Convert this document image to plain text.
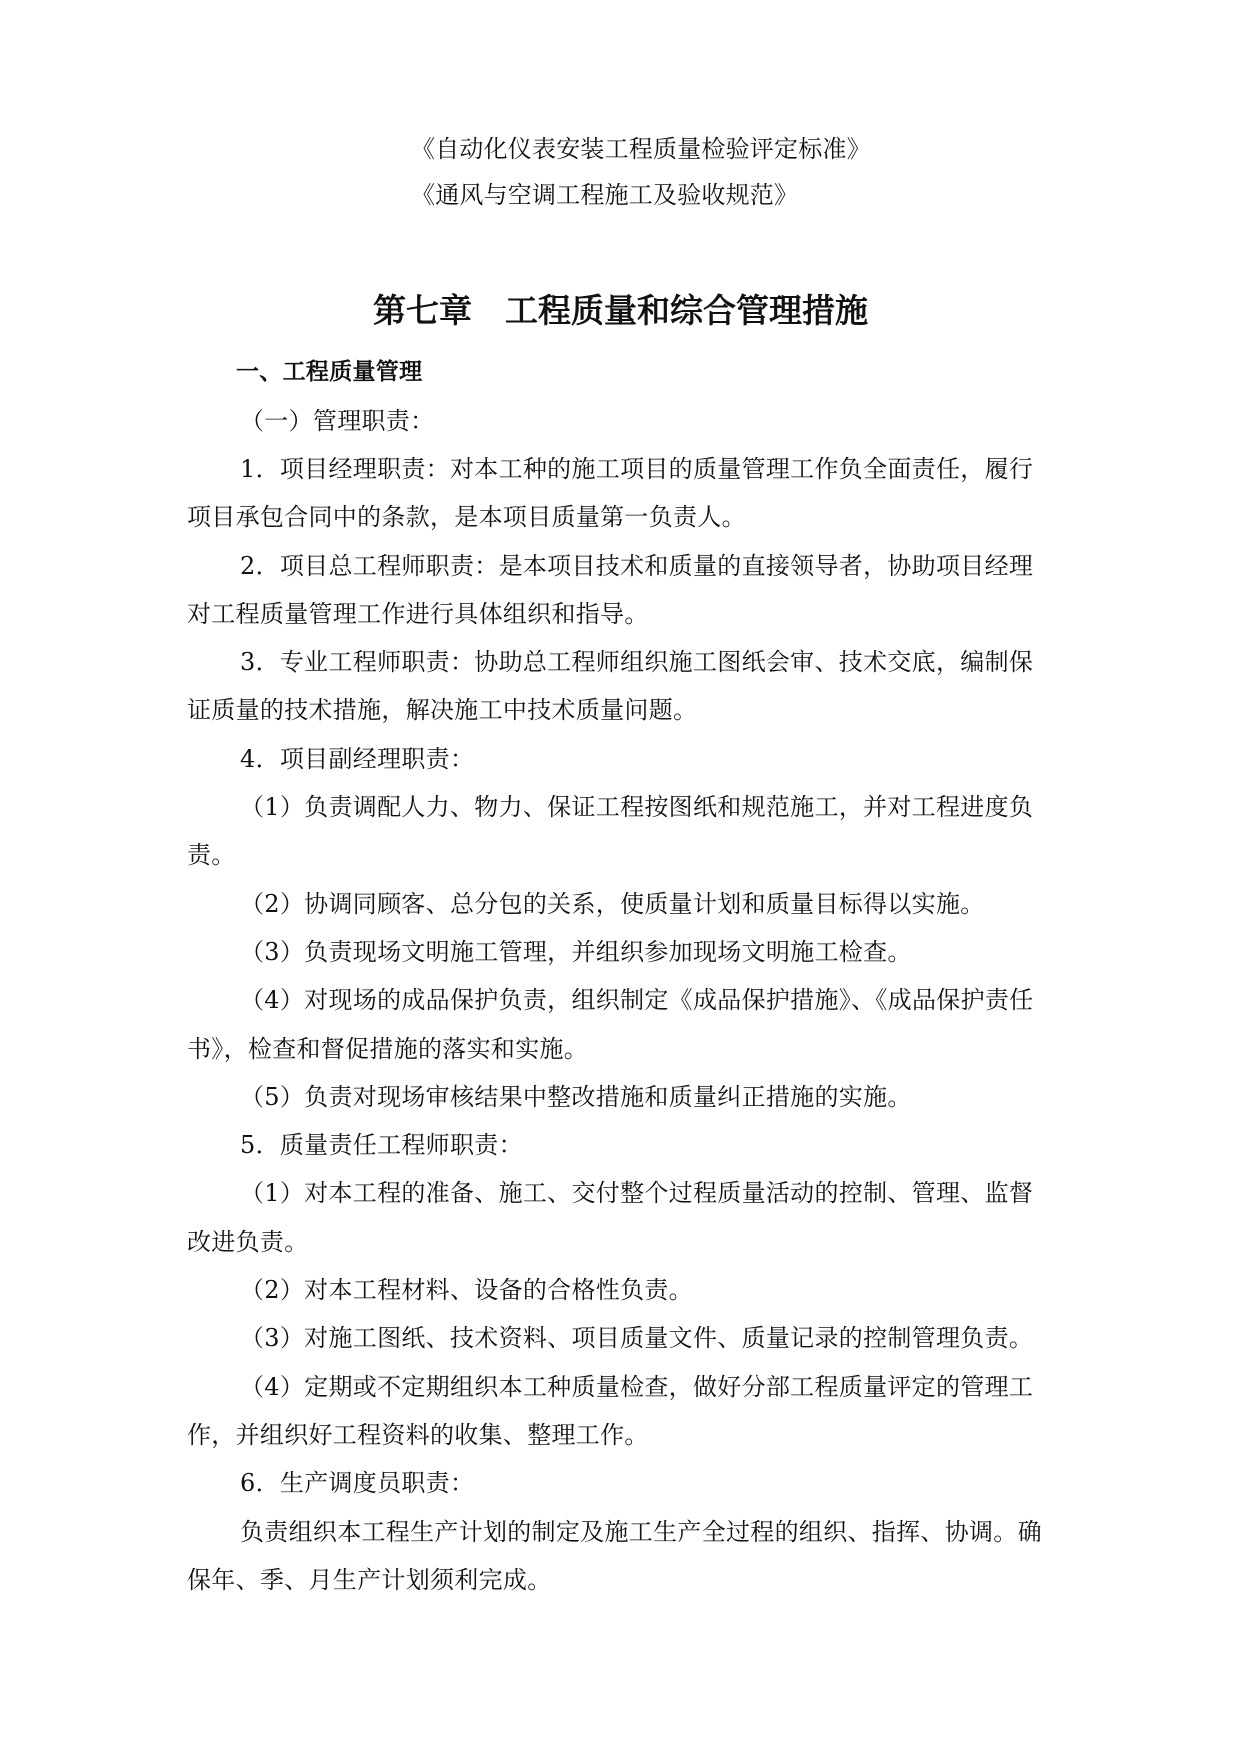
《自动化仪表安装工程质量检验评定标准》
《通风与空调工程施工及验收规范》
第七章　工程质量和综合管理措施
一、工程质量管理
（一）管理职责：
1．项目经理职责：对本工种的施工项目的质量管理工作负全面责任，履行
项目承包合同中的条款，是本项目质量第一负责人。
2．项目总工程师职责：是本项目技术和质量的直接领导者，协助项目经理
对工程质量管理工作进行具体组织和指导。
3．专业工程师职责：协助总工程师组织施工图纸会审、技术交底，编制保
证质量的技术措施，解决施工中技术质量问题。
4．项目副经理职责：
（1）负责调配人力、物力、保证工程按图纸和规范施工，并对工程进度负
责。
（2）协调同顾客、总分包的关系，使质量计划和质量目标得以实施。
（3）负责现场文明施工管理，并组织参加现场文明施工检查。
（4）对现场的成品保护负责，组织制定《成品保护措施》、《成品保护责任
书》，检查和督促措施的落实和实施。
（5）负责对现场审核结果中整改措施和质量纠正措施的实施。
5．质量责任工程师职责：
（1）对本工程的准备、施工、交付整个过程质量活动的控制、管理、监督
改进负责。
（2）对本工程材料、设备的合格性负责。
（3）对施工图纸、技术资料、项目质量文件、质量记录的控制管理负责。
（4）定期或不定期组织本工种质量检查，做好分部工程质量评定的管理工
作，并组织好工程资料的收集、整理工作。
6．生产调度员职责：
负责组织本工程生产计划的制定及施工生产全过程的组织、指挥、协调。确
保年、季、月生产计划须利完成。
